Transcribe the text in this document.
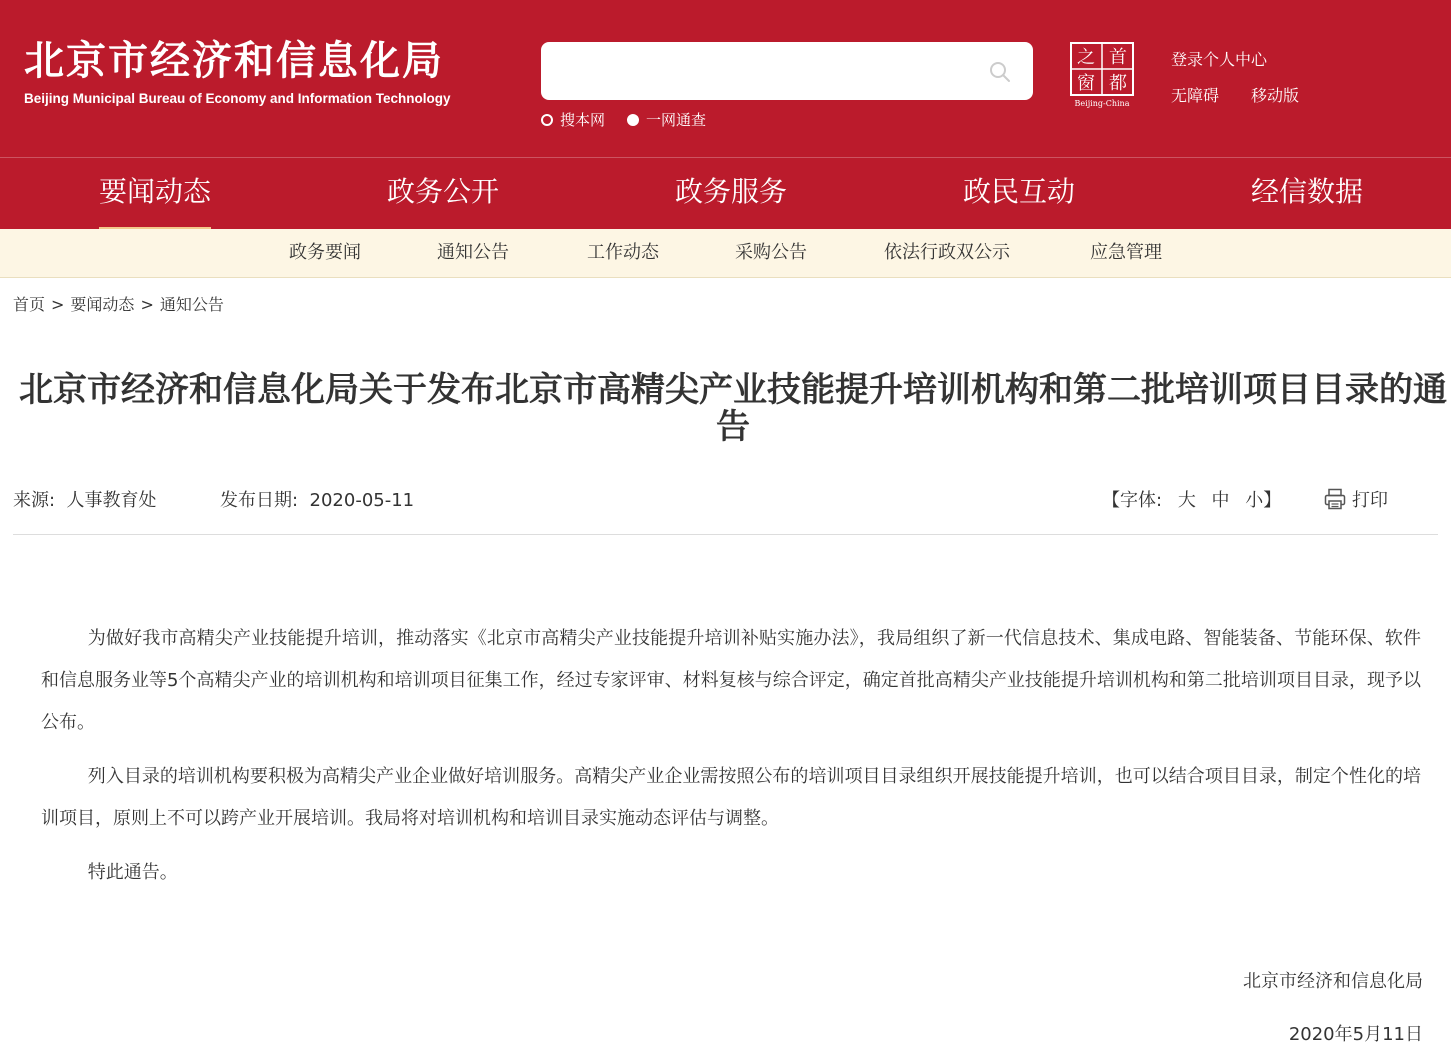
北京市经济和信息化局
Beijing Municipal Bureau of Economy and Information Technology
搜本网	一网通查
之 首
窗 都
Beijing-China
登录个人中心
无障碍 移动版
要闻动态	政务公开	政务服务	政民互动	经信数据
政务要闻	通知公告	工作动态	采购公告	依法行政双公示	应急管理
首页 > 要闻动态 > 通知公告
北京市经济和信息化局关于发布北京市高精尖产业技能提升培训机构和第二批培训项目目录的通告
来源: 人事教育处	发布日期: 2020-05-11	【字体: 大 中 小】	打印

为做好我市高精尖产业技能提升培训，推动落实《北京市高精尖产业技能提升培训补贴实施办法》，我局组织了新一代信息技术、集成电路、智能装备、节能环保、软件和信息服务业等5个高精尖产业的培训机构和培训项目征集工作，经过专家评审、材料复核与综合评定，确定首批高精尖产业技能提升培训机构和第二批培训项目目录，现予以公布。

列入目录的培训机构要积极为高精尖产业企业做好培训服务。高精尖产业企业需按照公布的培训项目目录组织开展技能提升培训，也可以结合项目目录，制定个性化的培训项目，原则上不可以跨产业开展培训。我局将对培训机构和培训目录实施动态评估与调整。

特此通告。

北京市经济和信息化局
2020年5月11日
